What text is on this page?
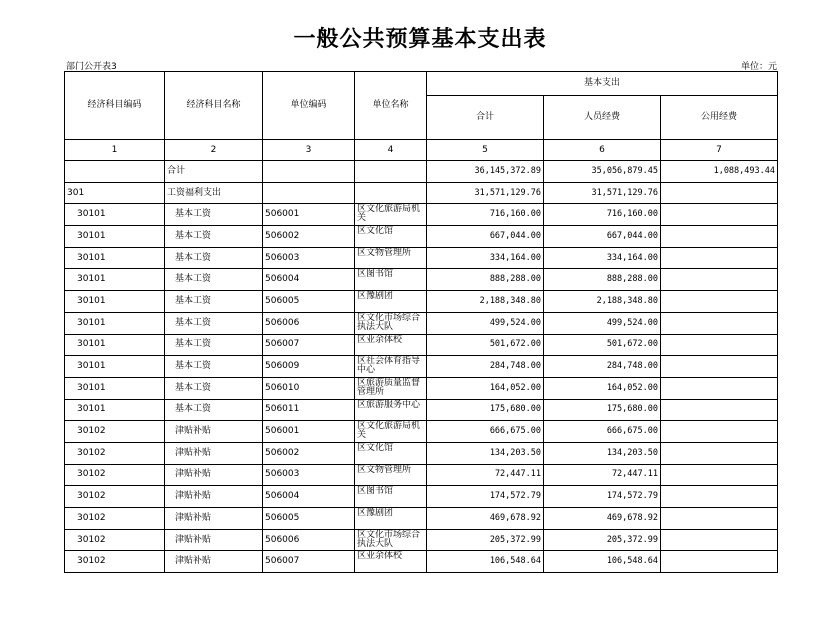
一般公共预算基本支出表
部门公开表3	单位：元
经济科目编码	经济科目名称	单位编码	单位名称	基本支出		
				合计	人员经费	公用经费
1	2	3	4	5	6	7
	合计			36,145,372.89	35,056,879.45	1,088,493.44
301	工资福利支出			31,571,129.76	31,571,129.76	
30101	基本工资	506001	区文化旅游局机关	716,160.00	716,160.00	
30101	基本工资	506002	区文化馆	667,044.00	667,044.00	
30101	基本工资	506003	区文物管理所	334,164.00	334,164.00	
30101	基本工资	506004	区图书馆	888,288.00	888,288.00	
30101	基本工资	506005	区豫剧团	2,188,348.80	2,188,348.80	
30101	基本工资	506006	区文化市场综合执法大队	499,524.00	499,524.00	
30101	基本工资	506007	区业余体校	501,672.00	501,672.00	
30101	基本工资	506009	区社会体育指导中心	284,748.00	284,748.00	
30101	基本工资	506010	区旅游质量监督管理所	164,052.00	164,052.00	
30101	基本工资	506011	区旅游服务中心	175,680.00	175,680.00	
30102	津贴补贴	506001	区文化旅游局机关	666,675.00	666,675.00	
30102	津贴补贴	506002	区文化馆	134,203.50	134,203.50	
30102	津贴补贴	506003	区文物管理所	72,447.11	72,447.11	
30102	津贴补贴	506004	区图书馆	174,572.79	174,572.79	
30102	津贴补贴	506005	区豫剧团	469,678.92	469,678.92	
30102	津贴补贴	506006	区文化市场综合执法大队	205,372.99	205,372.99	
30102	津贴补贴	506007	区业余体校	106,548.64	106,548.64	
